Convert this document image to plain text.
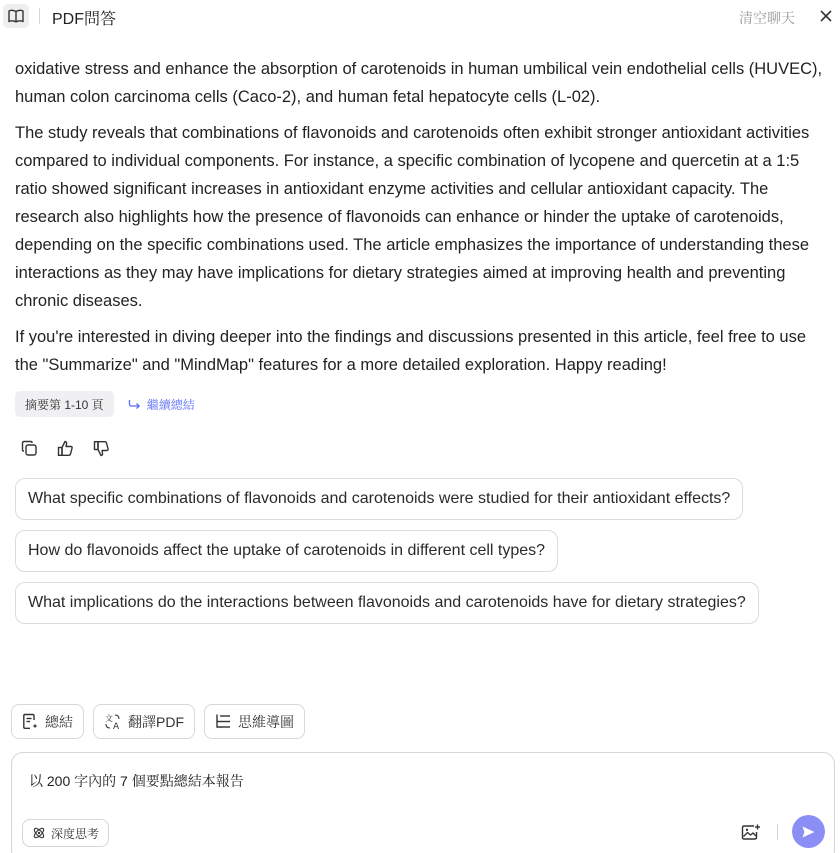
PDF問答	清空聊天

oxidative stress and enhance the absorption of carotenoids in human umbilical vein endothelial cells (HUVEC), human colon carcinoma cells (Caco-2), and human fetal hepatocyte cells (L-02).

The study reveals that combinations of flavonoids and carotenoids often exhibit stronger antioxidant activities compared to individual components. For instance, a specific combination of lycopene and quercetin at a 1:5 ratio showed significant increases in antioxidant enzyme activities and cellular antioxidant capacity. The research also highlights how the presence of flavonoids can enhance or hinder the uptake of carotenoids, depending on the specific combinations used. The article emphasizes the importance of understanding these interactions as they may have implications for dietary strategies aimed at improving health and preventing chronic diseases.

If you're interested in diving deeper into the findings and discussions presented in this article, feel free to use the "Summarize" and "MindMap" features for a more detailed exploration. Happy reading!

摘要第 1-10 頁	繼續總結
What specific combinations of flavonoids and carotenoids were studied for their antioxidant effects?
How do flavonoids affect the uptake of carotenoids in different cell types?
What implications do the interactions between flavonoids and carotenoids have for dietary strategies?
總結	文
A 翻譯PDF	思維導圖
以 200 字內的 7 個要點總結本報告
深度思考
